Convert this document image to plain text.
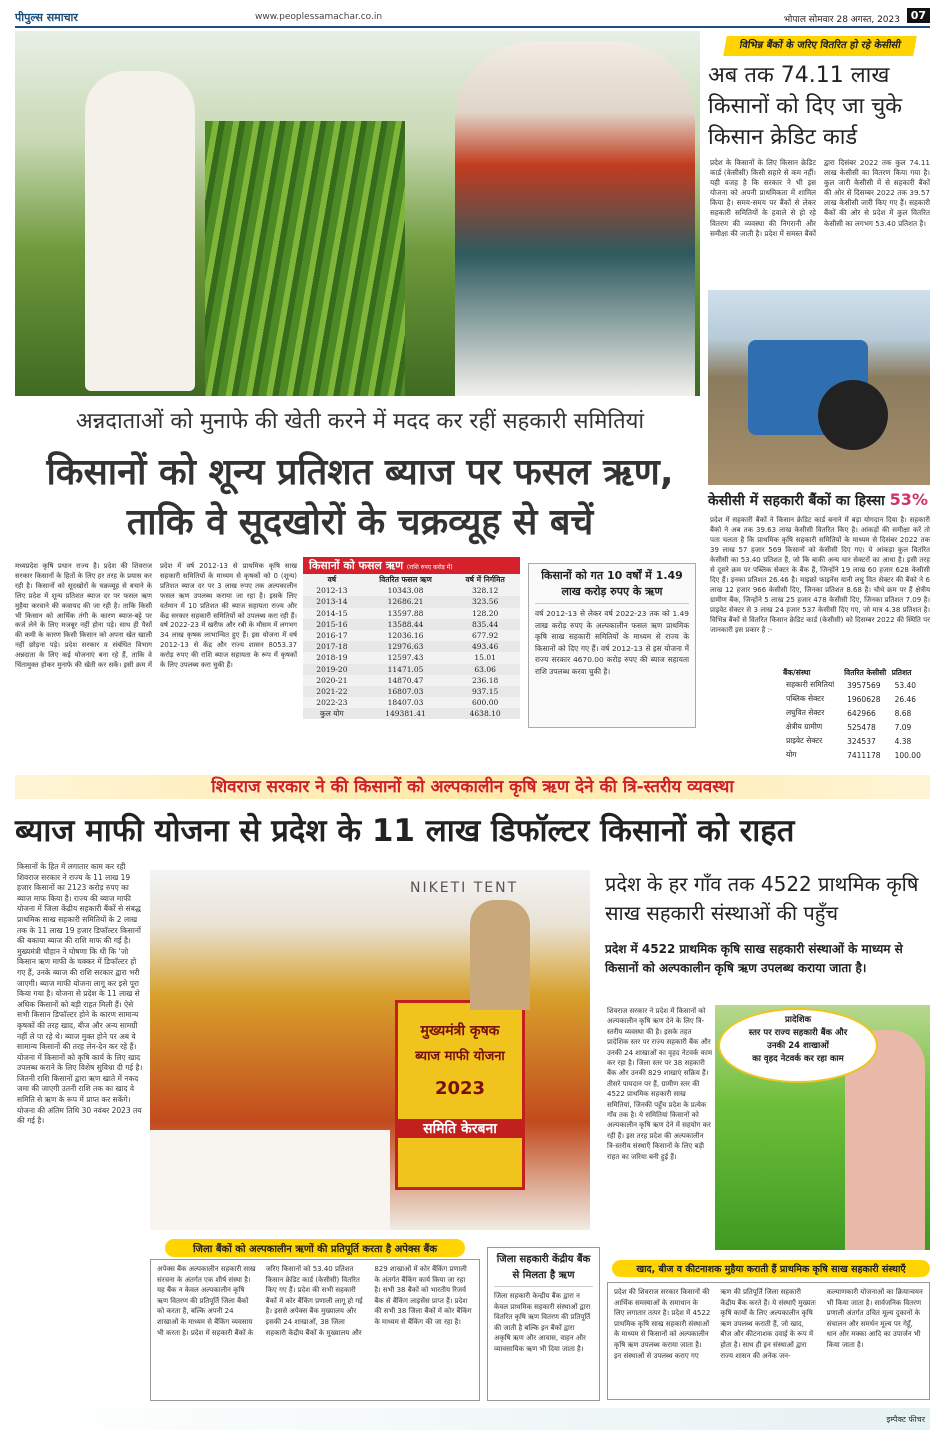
पीपुल्स समाचार	www.peoplessamachar.co.in	भोपाल सोमवार 28 अगस्त, 2023 07
विभिन्न बैंकों के जरिए वितरित हो रहे केसीसी
अब तक 74.11 लाख किसानों को दिए जा चुके किसान क्रेडिट कार्ड
प्रदेश के किसानों के लिए किसान क्रेडिट कार्ड (केसीसी) किसी सहारे से कम नहीं। यही वजह है कि सरकार ने भी इस योजना को अपनी प्राथमिकता में शामिल किया है। समय-समय पर बैंकों से लेकर सहकारी समितियों के हवाले से हो रहे वितरण की व्यवस्था की निगरानी और समीक्षा की जाती है। प्रदेश में समस्त बैंकों द्वारा दिसंबर 2022 तक कुल 74.11 लाख केसीसी का वितरण किया गया है। कुल जारी केसीसी में से सहकारी बैंकों की ओर से दिसम्बर 2022 तक 39.57 लाख केसीसी जारी किए गए हैं। सहकारी बैंकों की ओर से प्रदेश में कुल वितरित केसीसी का लगभग 53.40 प्रतिशत है।
केसीसी में सहकारी बैंकों का हिस्सा 53%
प्रदेश में सहकारी बैंकों ने किसान क्रेडिट कार्ड बनाने में बड़ा योगदान दिया है। सहकारी बैंको ने अब तक 39.63 लाख केसीसी वितरित किए है। आंकड़ों की समीक्षा करें तो पता चलता है कि प्राथमिक कृषि सहकारी समितियों के माध्यम से दिसंबर 2022 तक 39 लाख 57 हजार 569 किसानों को केसीसी दिए गए। ये आंकड़ा कुल वितरित केसीसी का 53.40 प्रतिशत हैं, जो कि बाकी अन्य चार सेक्टरों का आधा है। इसी तरह से दूसरे क्रम पर पब्लिक सेक्टर के बैंक हैं, जिन्होंने 19 लाख 60 हजार 628 केसीसी दिए हैं। इनका प्रतिशत 26.46 है। माइक्रो फाइनेंस यानी लघु वित सेक्टर की बैंको ने 6 लाख 12 हजार 966 केसीसी दिए, जिनका प्रतिशत 8.68 है। चौथे क्रम पर हैं क्षेत्रीय ग्रामीण बैंक, जिन्होंने 5 लाख 25 हजार 478 केसीसी दिए, जिनका प्रतिशत 7.09 है। प्राइवेट सेक्टर से 3 लाख 24 हजार 537 केसीसी दिए गए, जो मात्र 4.38 प्रतिशत है। विभिन्न बैंकों से वितरित किसान क्रेडिट कार्ड (केसीसी) को दिसम्बर 2022 की स्थिति पर जानकारी इस प्रकार है :-
बैंक/संस्था	वितरित केसीसी	प्रतिशत
सहकारी समितियां	3957569	53.40
पब्लिक सेक्टर	1960628	26.46
लघुवित सेक्टर	642966	8.68
क्षेत्रीय ग्रामीण	525478	7.09
प्राइवेट सेक्टर	324537	4.38
योग	7411178	100.00
अन्नदाताओं को मुनाफे की खेती करने में मदद कर रहीं सहकारी समितियां
किसानों को शून्य प्रतिशत ब्याज पर फसल ऋण, ताकि वे सूदखोरों के चक्रव्यूह से बचें
मध्यप्रदेश कृषि प्रधान राज्य है। प्रदेश की शिवराज सरकार किसानों के हितों के लिए हर तरह के प्रयास कर रही है। किसानों को सूदखोरों के चक्रव्यूह से बचाने के लिए प्रदेश में शून्य प्रतिशत ब्याज दर पर फसल ऋण मुहैया करवाने की कवायद की जा रही है। ताकि किसी भी किसान को आर्थिक तंगी के कारण ब्याज-बट्टे पर कर्ज लेने के लिए मजबूर नहीं होना पड़े। साथ ही पैसों की कमी के कारण किसी किसान को अपना खेत खाली नहीं छोड़ना पड़े। प्रदेश सरकार व संबंधित विभाग अन्नदाता के लिए कई योजनाएं बना रहे हैं, ताकि वे चिंतामुक्त होकर मुनाफे की खेती कर सकें। इसी क्रम में प्रदेश में वर्ष 2012-13 से प्राथमिक कृषि साख सहकारी समितियों के माध्यम से कृषकों को 0 (शून्य) प्रतिशत ब्याज दर पर 3 लाख रुपए तक अल्पकालीन फसल ऋण उपलब्ध कराया जा रहा है। इसके लिए वर्तमान में 10 प्रतिशत की ब्याज सहायता राज्य और केंद्र सरकार सहकारी समितियों को उपलब्ध करा रही हैं। वर्ष 2022-23 में खरीफ और रबी के मौसम में लगभग 34 लाख कृषक लाभान्वित हुए हैं। इस योजना में वर्ष 2012-13 से केंद्र और राज्य शासन 8053.37 करोड़ रुपए की राशि ब्याज सहायता के रूप में कृषकों के लिए उपलब्ध करा चुकी हैं।
किसानों को फसल ऋण (राशि रुपए करोड़ में)
वर्ष	वितरित फसल ऋण	वर्ष में निर्गमित
2012-13	10343.08	328.12
2013-14	12686.21	323.56
2014-15	13597.88	128.20
2015-16	13588.44	835.44
2016-17	12036.16	677.92
2017-18	12976.63	493.46
2018-19	12597.43	15.01
2019-20	11471.05	63.06
2020-21	14870.47	236.18
2021-22	16807.03	937.15
2022-23	18407.03	600.00
कुल योग	149381.41	4638.10
किसानों को गत 10 वर्षों में 1.49 लाख करोड़ रुपए के ऋण
वर्ष 2012-13 से लेकर वर्ष 2022-23 तक को 1.49 लाख करोड़ रुपए के अल्पकालीन फसल ऋण प्राथमिक कृषि साख सहकारी समितियों के माध्यम से राज्य के किसानों को दिए गए हैं। वर्ष 2012-13 से इस योजना में राज्य सरकार 4670.00 करोड़ रुपए की ब्याज सहायता राशि उपलब्ध करवा चुकी है।
शिवराज सरकार ने की किसानों को अल्पकालीन कृषि ऋण देने की त्रि-स्तरीय व्यवस्था
ब्याज माफी योजना से प्रदेश के 11 लाख डिफॉल्टर किसानों को राहत
किसानों के हित में लगातार काम कर रही शिवराज सरकार ने राज्य के 11 लाख 19 हजार किसानों का 2123 करोड़ रुपए का ब्याज माफ किया है। राज्य की ब्याज माफी योजना में जिला केंद्रीय सहकारी बैंकों से संबद्ध प्राथमिक साख सहकारी समितियों के 2 लाख तक के 11 लाख 19 हजार डिफॉल्टर किसानों की बकाया ब्याज की राशि माफ की गई है। मुख्यमंत्री चौहान ने घोषणा कि थी कि 'जो किसान ऋण माफी के चक्कर में डिफॉल्टर हो गए हैं, उनके ब्याज की राशि सरकार द्वारा भरी जाएगी। ब्याज माफी योजना लागू कर इसे पूरा किया गया है। योजना से प्रदेश के 11 लाख से अधिक किसानों को बड़ी राहत मिली हैं। ऐसे सभी किसान डिफॉल्टर होने के कारण सामान्य कृषकों की तरह खाद, बीज और अन्य सामग्री नहीं ले पा रहे थे। ब्याज मुक्त होने पर अब वे सामान्य किसानों की तरह लेन-देन कर रहे हैं। योजना में किसानों को कृषि कार्य के लिए खाद उपलब्ध कराने के लिए विशेष सुविधा दी गई है। जितनी राशि किसानों द्वारा ऋण खाते में नकद जमा की जाएगी उतनी राशि तक का खाद वे समिति से ऋण के रूप में प्राप्त कर सकेंगे। योजना की अंतिम तिथि 30 नवंबर 2023 तय की गई है।
NIKETI TENT
मुख्यमंत्री कृषक
ब्याज माफी योजना
2023
समिति केरबना
प्रदेश के हर गाँव तक 4522 प्राथमिक कृषि साख सहकारी संस्थाओं की पहुँच
प्रदेश में 4522 प्राथमिक कृषि साख सहकारी संस्थाओं के माध्यम से किसानों को अल्पकालीन कृषि ऋण उपलब्ध कराया जाता है।
शिवराज सरकार ने प्रदेश में किसानों को अल्पकालीन कृषि ऋण देने के लिए त्रि-स्तरीय व्यवस्था की है। इसके तहत प्रादेशिक स्तर पर राज्य सहकारी बैंक और उनकी 24 शाखाओं का वृहद नेटवर्क काम कर रहा है। जिला स्तर पर 38 सहकारी बैंक और उनकी 829 शाखाएं सक्रिय हैं। तीसरे पायदान पर हैं, ग्रामीण स्तर की 4522 प्राथमिक सहकारी साख समितियां, जिनकी पहुँच प्रदेश के प्रत्येक गाँव तक है। ये समितियां किसानों को अल्पकालीन कृषि ऋण देने में सहयोग कर रही हैं। इस तरह प्रदेश की अल्पकालीन त्रि-स्तरीय संस्थाएँ किसानों के लिए बड़ी राहत का जरिया बनी हुई हैं।
प्रादेशिक
स्तर पर राज्य सहकारी बैंक और
उनकी 24 शाखाओं
का वृहद नेटवर्क कर रहा काम
जिला बैंकों को अल्पकालीन ऋणों की प्रतिपूर्ति करता है अपेक्स बैंक
अपेक्स बैंक अल्पकालीन सहकारी साख संरचना के अंतर्गत एक शीर्ष संस्था है। यह बैंक न केवल अल्पकालीन कृषि ऋण वितरण की प्रतिपूर्ति जिला बैंकों को करता है, बल्कि अपनी 24 शाखाओं के माध्यम से बैंकिंग व्यवसाय भी करता है। प्रदेश में सहकारी बैंकों के जरिए किसानों को 53.40 प्रतिशत किसान क्रेडिट कार्ड (केसीसी) वितरित किए गए हैं। प्रदेश की सभी सहकारी बैंकों में कोर बैंकिंग प्रणाली लागू हो गई है। इससे अपेक्स बैंक मुख्यालय और इसकी 24 शाखाओं, 38 जिला सहकारी केंद्रीय बैंकों के मुख्यालय और 829 शाखाओं में कोर बैंकिंग प्रणाली के अंतर्गत बैंकिंग कार्य किया जा रहा है। सभी 38 बैंकों को भारतीय रिजर्व बैंक से बैंकिंग लाइसेंस प्राप्त हैं। प्रदेश की सभी 38 जिला बैंकों में कोर बैंकिंग के माध्यम से बैंकिंग की जा रहा है।
जिला सहकारी केंद्रीय बैंक से मिलता है ऋण
जिला सहकारी केन्द्रीय बैंक द्वारा न केवल प्राथमिक सहकारी संस्थाओं द्वारा वितरित कृषि ऋण वितरण की प्रतिपूर्ति की जाती है बल्कि इन बैंकों द्वारा अकृषि ऋण और आवास, वाहन और व्यावसायिक ऋण भी दिया जाता है।
खाद, बीज व कीटनाशक मुहैया कराती हैं प्राथमिक कृषि साख सहकारी संस्थाएँ
प्रदेश की शिवराज सरकार किसानों की आर्थिक समस्याओं के समाधान के लिए लगातार तत्पर है। प्रदेश में 4522 प्राथमिक कृषि साख सहकारी संस्थाओं के माध्यम से किसानों को अल्पकालीन कृषि ऋण उपलब्ध कराया जाता है। इन संस्थाओं से उपलब्ध कराए गए ऋण की प्रतिपूर्ति जिला सहकारी केंद्रीय बैंक करते हैं। ये संस्थाएँ मुख्यतः कृषि कार्यों के लिए अल्पकालीन कृषि ऋण उपलब्ध कराती हैं, जो खाद, बीज और कीटनाशक दवाई के रूप में होता है। साथ ही इन संस्थाओं द्वारा राज्य शासन की अनेक जन-कल्याणकारी योजनाओं का क्रियान्वयन भी किया जाता है। सार्वजनिक वितरण प्रणाली अंतर्गत उचित मूल्य दुकानों के संचालन और समर्थन मूल्य पर गेहूँ, धान और मक्का आदि का उपार्जन भी किया जाता है।
इम्पैक्ट फीचर
